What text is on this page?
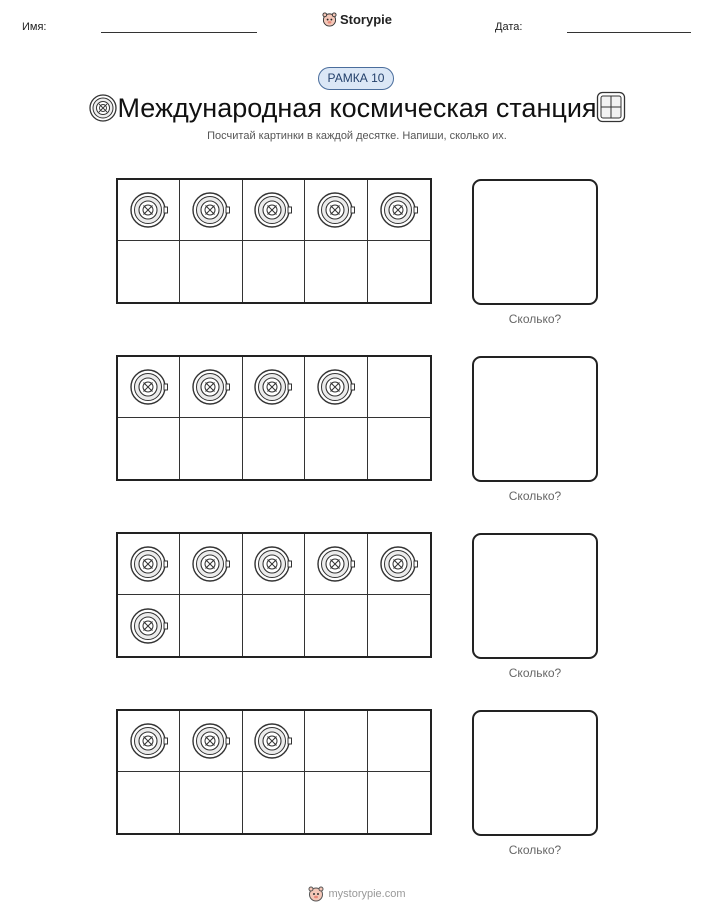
Имя:	Storypie	Дата:
РАМКА 10
Международная космическая станция
Посчитай картинки в каждой десятке. Напиши, сколько их.
Сколько?
Сколько?
Сколько?
Сколько?
mystorypie.com
